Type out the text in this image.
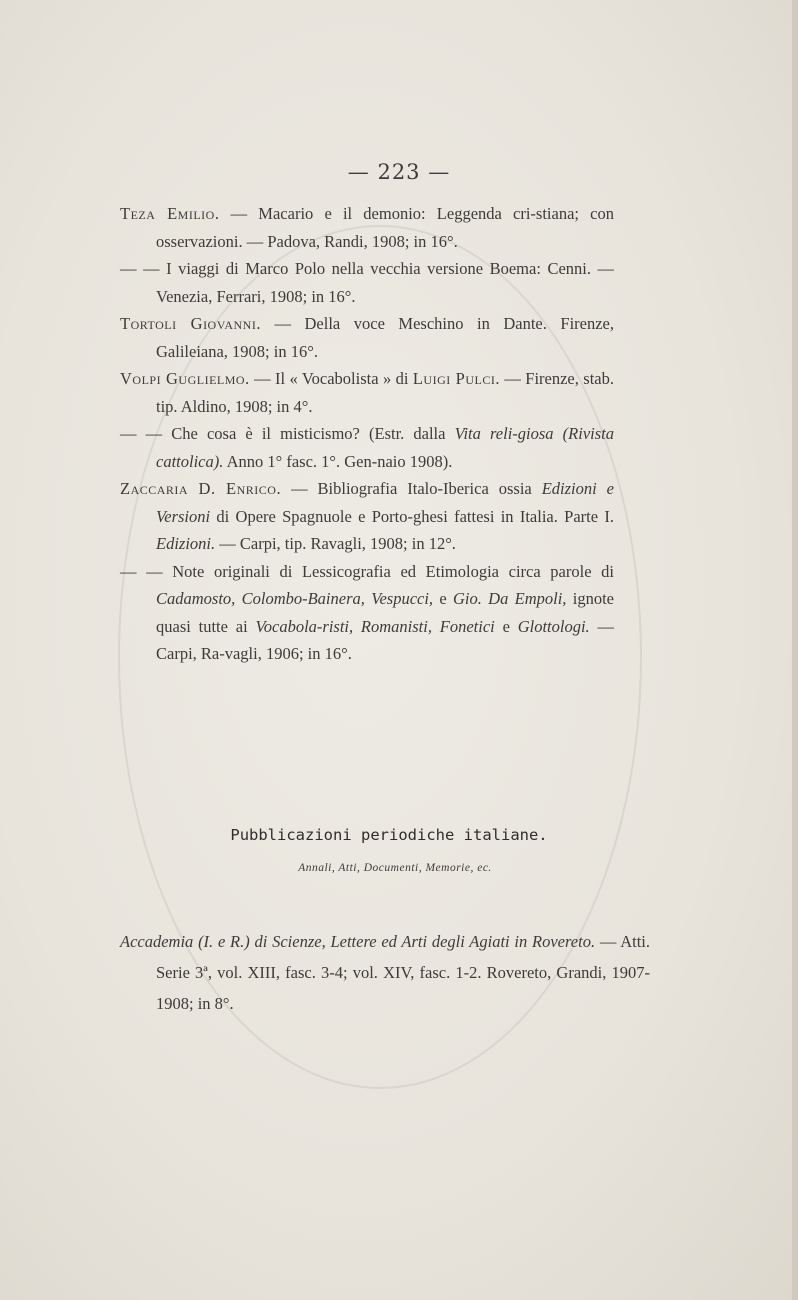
— 223 —

Teza Emilio. — Macario e il demonio: Leggenda cri-stiana; con osservazioni. — Padova, Randi, 1908; in 16°.

— — I viaggi di Marco Polo nella vecchia versione Boema: Cenni. — Venezia, Ferrari, 1908; in 16°.

Tortoli Giovanni. — Della voce Meschino in Dante. Firenze, Galileiana, 1908; in 16°.

Volpi Guglielmo. — Il « Vocabolista » di Luigi Pulci. — Firenze, stab. tip. Aldino, 1908; in 4°.

— — Che cosa è il misticismo? (Estr. dalla Vita reli-giosa (Rivista cattolica). Anno 1° fasc. 1°. Gen-naio 1908).

Zaccaria D. Enrico. — Bibliografia Italo-Iberica ossia Edizioni e Versioni di Opere Spagnuole e Porto-ghesi fattesi in Italia. Parte I. Edizioni. — Carpi, tip. Ravagli, 1908; in 12°.

— — Note originali di Lessicografia ed Etimologia circa parole di Cadamosto, Colombo-Bainera, Vespucci, e Gio. Da Empoli, ignote quasi tutte ai Vocabola-risti, Romanisti, Fonetici e Glottologi. — Carpi, Ra-vagli, 1906; in 16°.

Pubblicazioni periodiche italiane.
Annali, Atti, Documenti, Memorie, ec.

Accademia (I. e R.) di Scienze, Lettere ed Arti degli Agiati in Rovereto. — Atti. Serie 3ª, vol. XIII, fasc. 3-4; vol. XIV, fasc. 1-2. Rovereto, Grandi, 1907-1908; in 8°.
